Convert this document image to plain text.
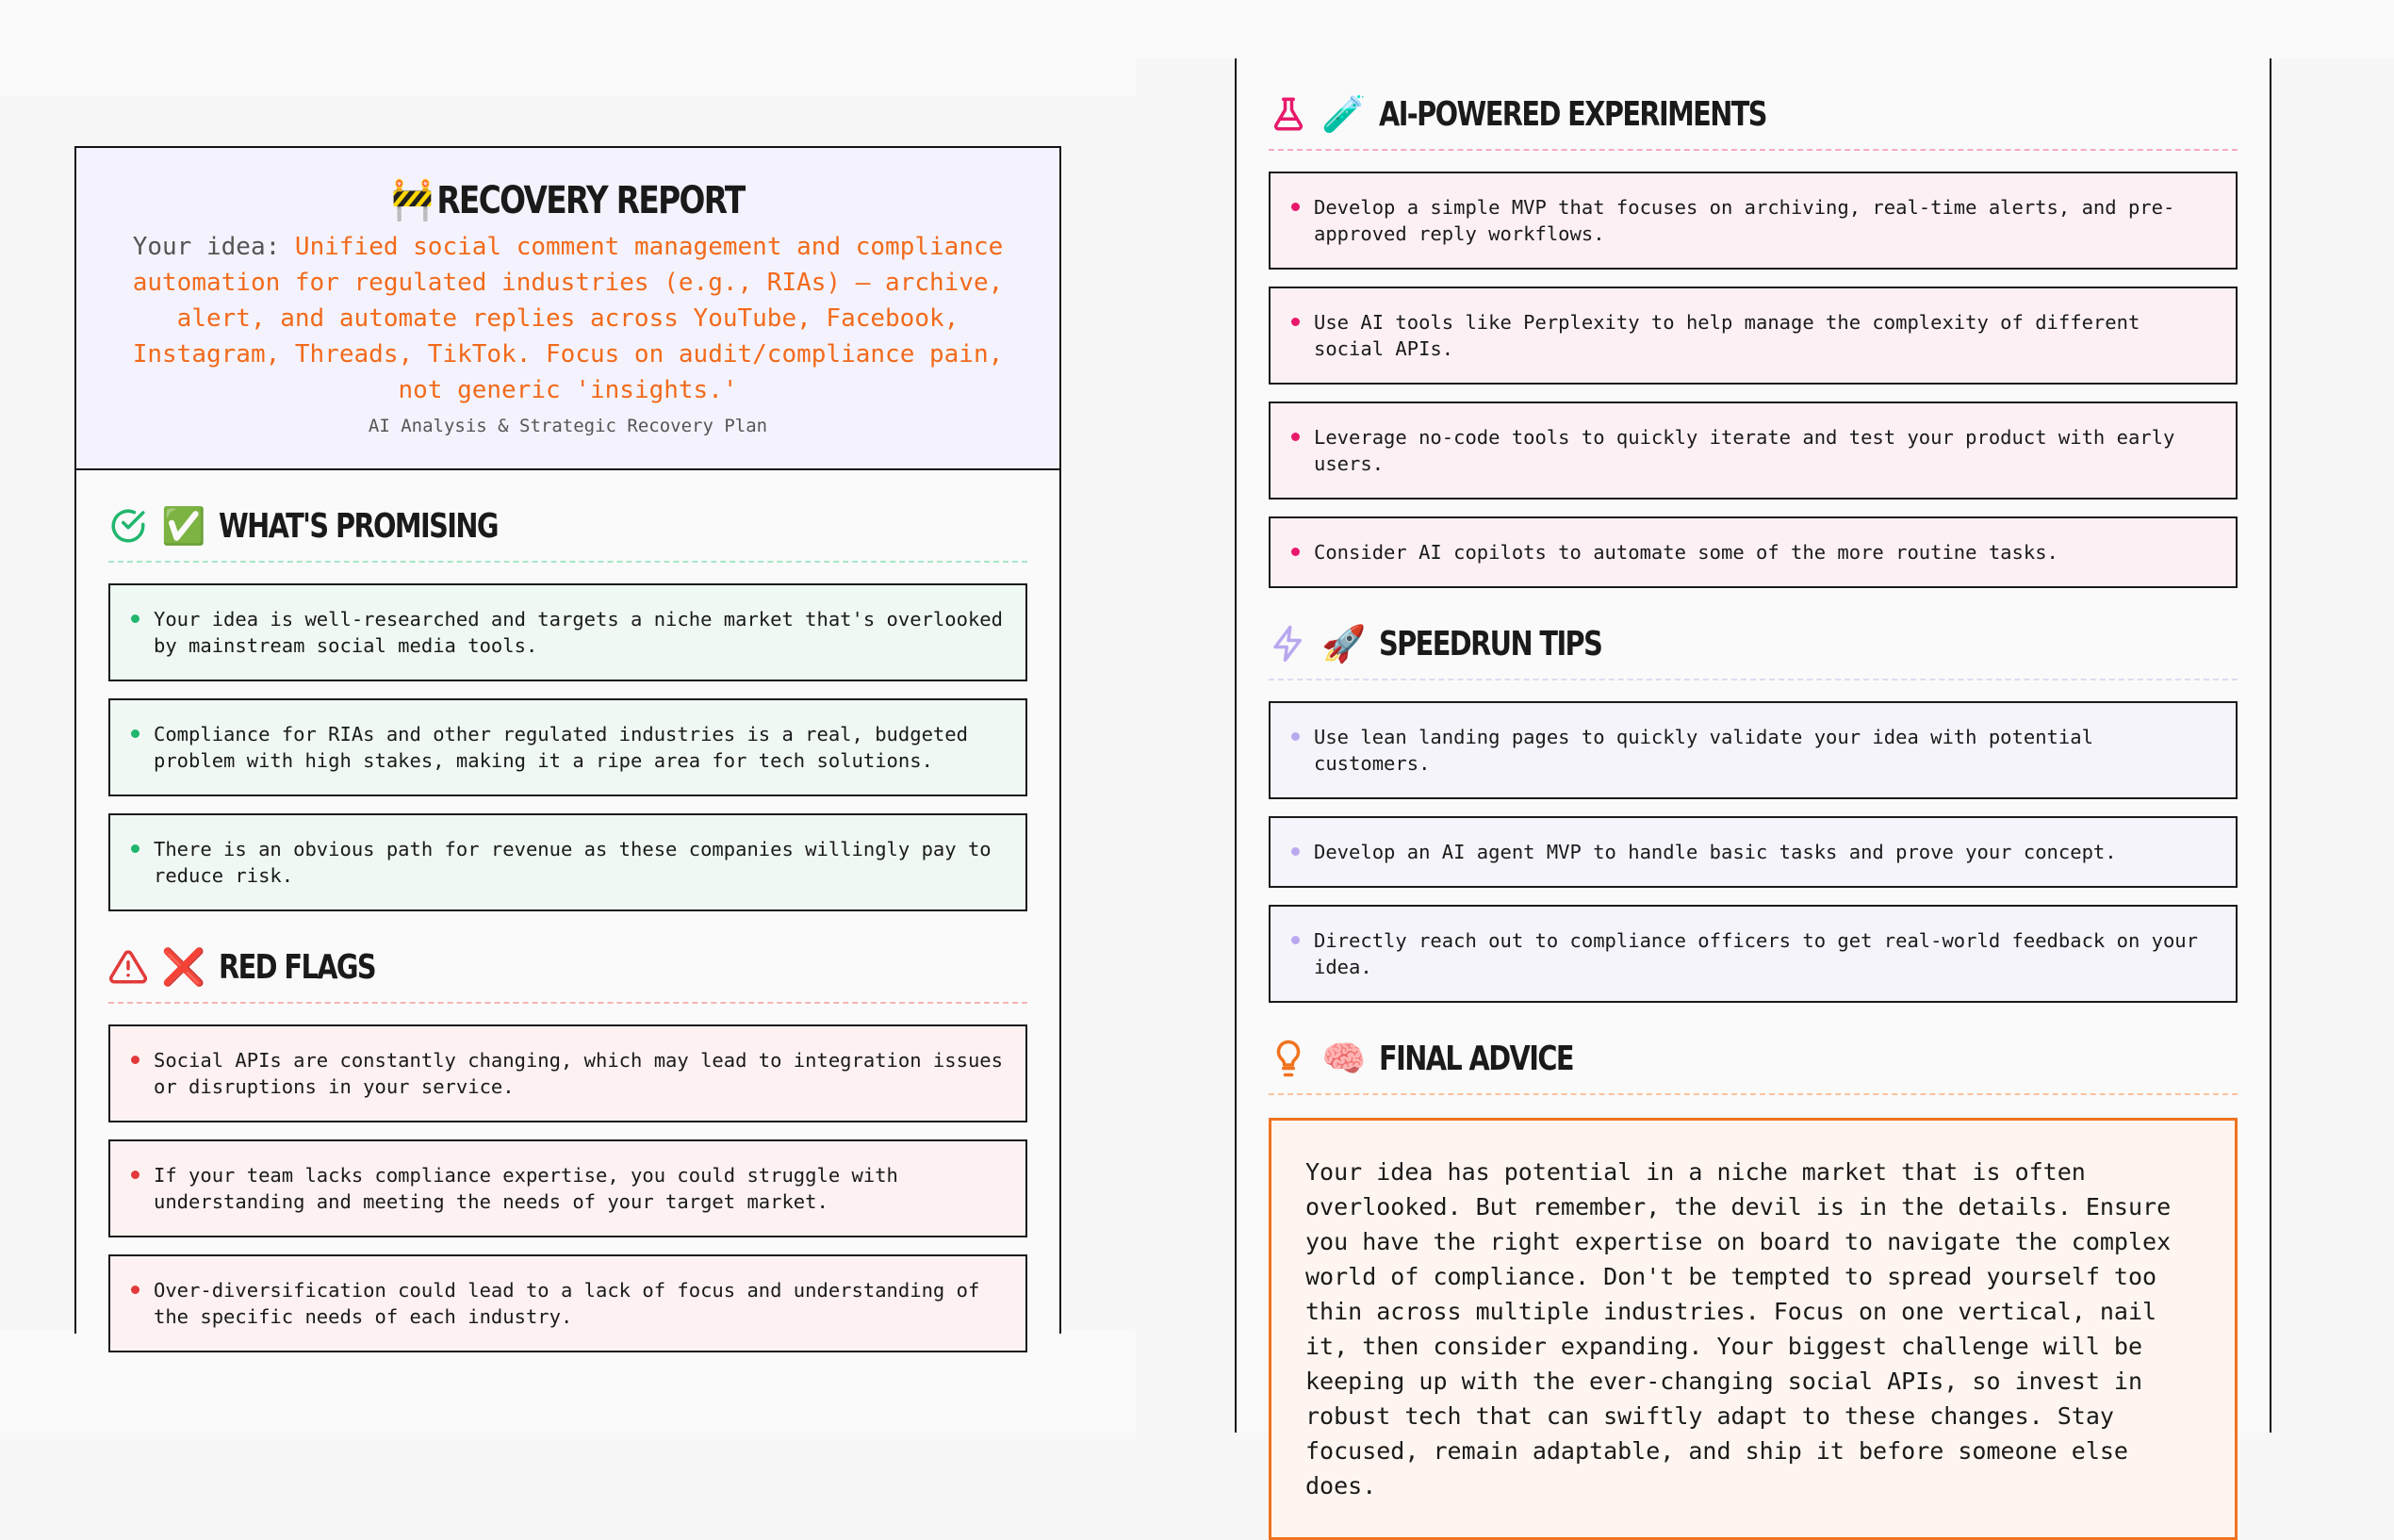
🚧RECOVERY REPORT

Your idea: Unified social comment management and compliance automation for regulated industries (e.g., RIAs) — archive, alert, and automate replies across YouTube, Facebook, Instagram, Threads, TikTok. Focus on audit/compliance pain, not generic 'insights.'

AI Analysis & Strategic Recovery Plan
✅ WHAT'S PROMISING
Your idea is well-researched and targets a niche market that's overlooked by mainstream social media tools.
Compliance for RIAs and other regulated industries is a real, budgeted problem with high stakes, making it a ripe area for tech solutions.
There is an obvious path for revenue as these companies willingly pay to reduce risk.
❌ RED FLAGS
Social APIs are constantly changing, which may lead to integration issues or disruptions in your service.
If your team lacks compliance expertise, you could struggle with understanding and meeting the needs of your target market.
Over-diversification could lead to a lack of focus and understanding of the specific needs of each industry.
🧪 AI-POWERED EXPERIMENTS
Develop a simple MVP that focuses on archiving, real-time alerts, and pre-approved reply workflows.
Use AI tools like Perplexity to help manage the complexity of different social APIs.
Leverage no-code tools to quickly iterate and test your product with early users.
Consider AI copilots to automate some of the more routine tasks.
🚀 SPEEDRUN TIPS
Use lean landing pages to quickly validate your idea with potential customers.
Develop an AI agent MVP to handle basic tasks and prove your concept.
Directly reach out to compliance officers to get real-world feedback on your idea.
🧠 FINAL ADVICE
Your idea has potential in a niche market that is often overlooked. But remember, the devil is in the details. Ensure you have the right expertise on board to navigate the complex world of compliance. Don't be tempted to spread yourself too thin across multiple industries. Focus on one vertical, nail it, then consider expanding. Your biggest challenge will be keeping up with the ever-changing social APIs, so invest in robust tech that can swiftly adapt to these changes. Stay focused, remain adaptable, and ship it before someone else does.
